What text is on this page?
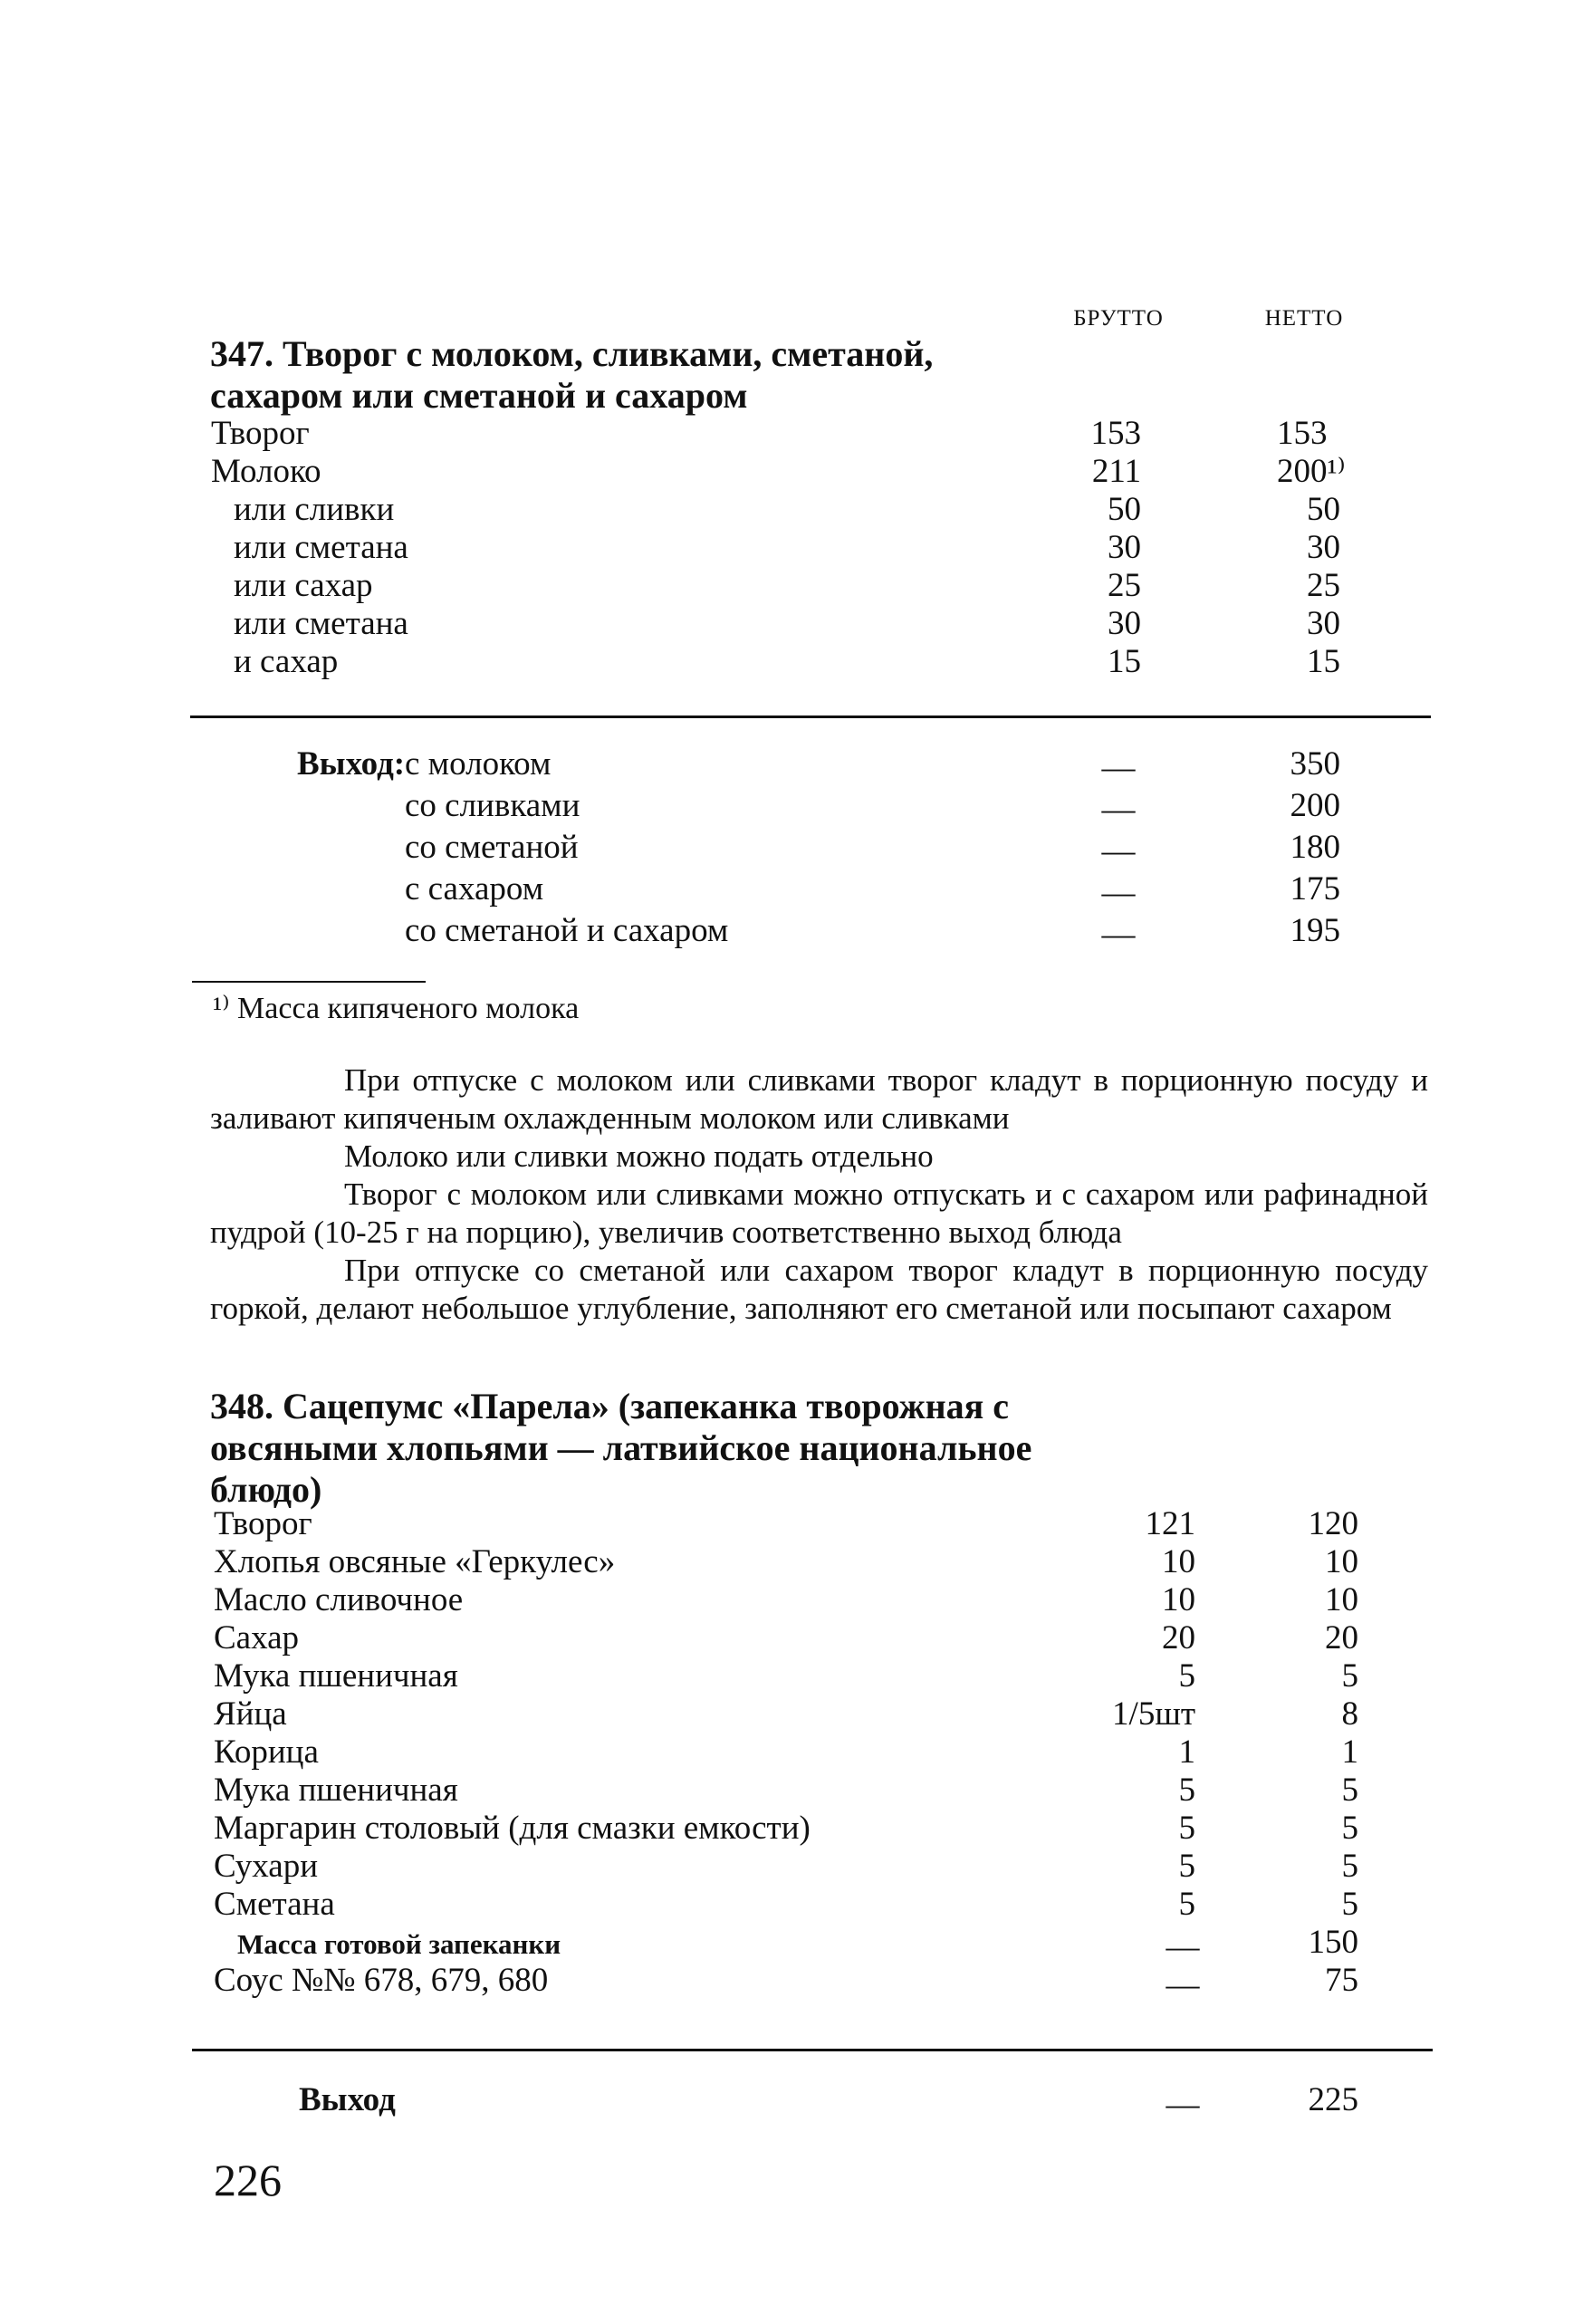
БРУТТО	НЕТТО
347. Творог с молоком, сливками, сметаной,
сахаром или сметаной и сахаром
Творог	153	153
Молоко	211	200¹⁾
или сливки	50	50
или сметана	30	30
или сахар	25	25
или сметана	30	30
и сахар	15	15
Выход: с молоком	—	350
со сливками	—	200
со сметаной	—	180
с сахаром	—	175
со сметаной и сахаром	—	195
¹⁾ Масса кипяченого молока
При отпуске с молоком или сливками творог кладут в порционную посуду и заливают кипяченым охлажденным молоком или сливками
Молоко или сливки можно подать отдельно
Творог с молоком или сливками можно отпускать и с сахаром или рафинадной пудрой (10-25 г на порцию), увеличив соответственно выход блюда
При отпуске со сметаной или сахаром творог кладут в порционную посуду горкой, делают небольшое углубление, заполняют его сметаной или посыпают сахаром
348. Сацепумс «Парела» (запеканка творожная с
овсяными хлопьями — латвийское национальное
блюдо)
Творог	121	120
Хлопья овсяные «Геркулес»	10	10
Масло сливочное	10	10
Сахар	20	20
Мука пшеничная	5	5
Яйца	1/5шт	8
Корица	1	1
Мука пшеничная	5	5
Маргарин столовый (для смазки емкости)	5	5
Сухари	5	5
Сметана	5	5
Масса готовой запеканки	—	150
Соус №№ 678, 679, 680	—	75
Выход	—	225
226
